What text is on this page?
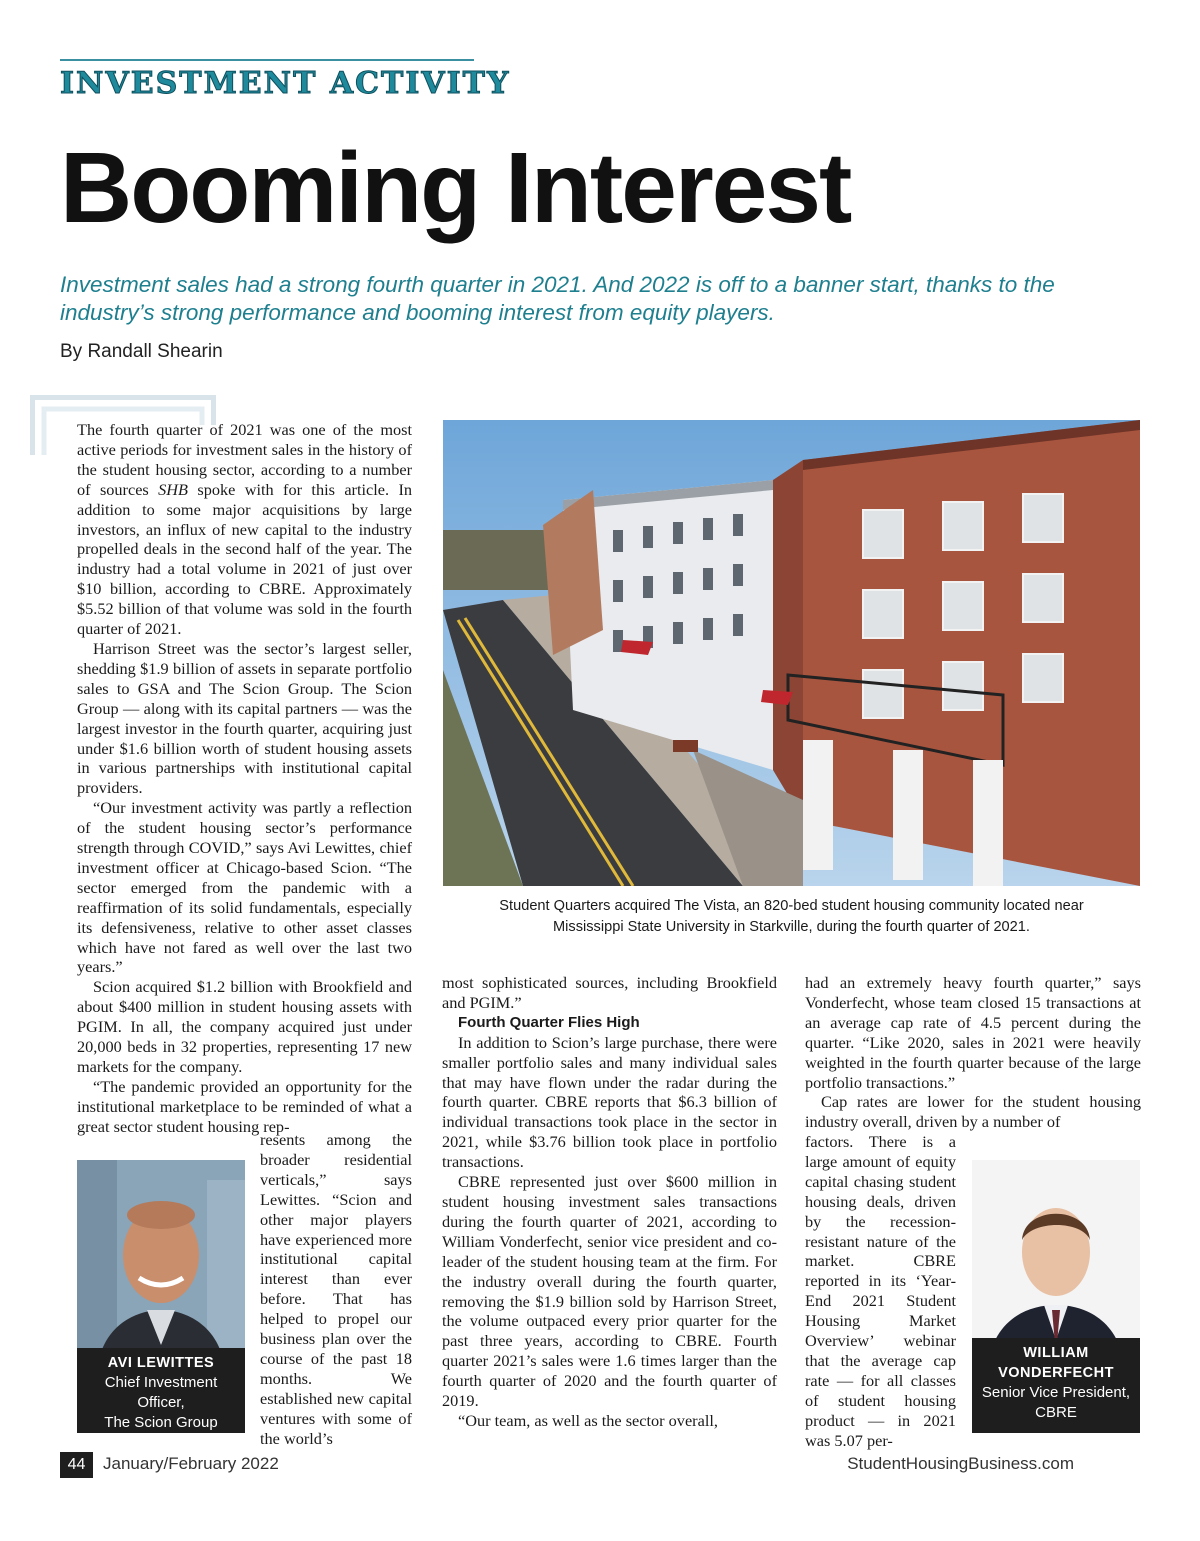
INVESTMENT ACTIVITY
Booming Interest
Investment sales had a strong fourth quarter in 2021. And 2022 is off to a banner start, thanks to the industry’s strong performance and booming interest from equity players.
By Randall Shearin

The fourth quarter of 2021 was one of the most active periods for investment sales in the history of the student housing sector, according to a number of sources SHB spoke with for this article. In addition to some major acquisitions by large investors, an influx of new capital to the industry propelled deals in the second half of the year. The industry had a total volume in 2021 of just over $10 billion, according to CBRE. Approximately $5.52 billion of that volume was sold in the fourth quarter of 2021.

Harrison Street was the sector’s largest seller, shedding $1.9 billion of assets in separate portfolio sales to GSA and The Scion Group. The Scion Group — along with its capital partners — was the largest investor in the fourth quarter, acquiring just under $1.6 billion worth of student housing assets in various partnerships with institutional capital providers.

“Our investment activity was partly a reflection of the student housing sector’s performance strength through COVID,” says Avi Lewittes, chief investment officer at Chicago-based Scion. “The sector emerged from the pandemic with a reaffirmation of its solid fundamentals, especially its defensiveness, relative to other asset classes which have not fared as well over the last two years.”

Scion acquired $1.2 billion with Brookfield and about $400 million in student housing assets with PGIM. In all, the company acquired just under 20,000 beds in 32 properties, representing 17 new markets for the company.

“The pandemic provided an opportunity for the institutional marketplace to be reminded of what a great sector student housing rep-

resents among the broader residential verticals,” says Lewittes. “Scion and other major players have experienced more institutional capital interest than ever before. That has helped to propel our business plan over the course of the past 18 months. We established new capital ventures with some of the world’s

Student Quarters acquired The Vista, an 820-bed student housing community located near
Mississippi State University in Starkville, during the fourth quarter of 2021.

most sophisticated sources, including Brookfield and PGIM.”

Fourth Quarter Flies High

In addition to Scion’s large purchase, there were smaller portfolio sales and many individual sales that may have flown under the radar during the fourth quarter. CBRE reports that $6.3 billion of individual transactions took place in the sector in 2021, while $3.76 billion took place in portfolio transactions.

CBRE represented just over $600 million in student housing investment sales transactions during the fourth quarter of 2021, according to William Vonderfecht, senior vice president and co-leader of the student housing team at the firm. For the industry overall during the fourth quarter, removing the $1.9 billion sold by Harrison Street, the volume outpaced every prior quarter for the past three years, according to CBRE. Fourth quarter 2021’s sales were 1.6 times larger than the fourth quarter of 2020 and the fourth quarter of 2019.

“Our team, as well as the sector overall,

had an extremely heavy fourth quarter,” says Vonderfecht, whose team closed 15 transactions at an average cap rate of 4.5 percent during the quarter. “Like 2020, sales in 2021 were heavily weighted in the fourth quarter because of the large portfolio transactions.”

Cap rates are lower for the student housing industry overall, driven by a number of

factors. There is a large amount of equity capital chasing student housing deals, driven by the recession-resistant nature of the market. CBRE reported in its ‘Year-End 2021 Student Housing Market Overview’ webinar that the average cap rate — for all classes of student housing product — in 2021 was 5.07 per-

AVI LEWITTES
Chief Investment
Officer,
The Scion Group
WILLIAM
VONDERFECHT
Senior Vice President,
CBRE
44	January/February 2022	StudentHousingBusiness.com
